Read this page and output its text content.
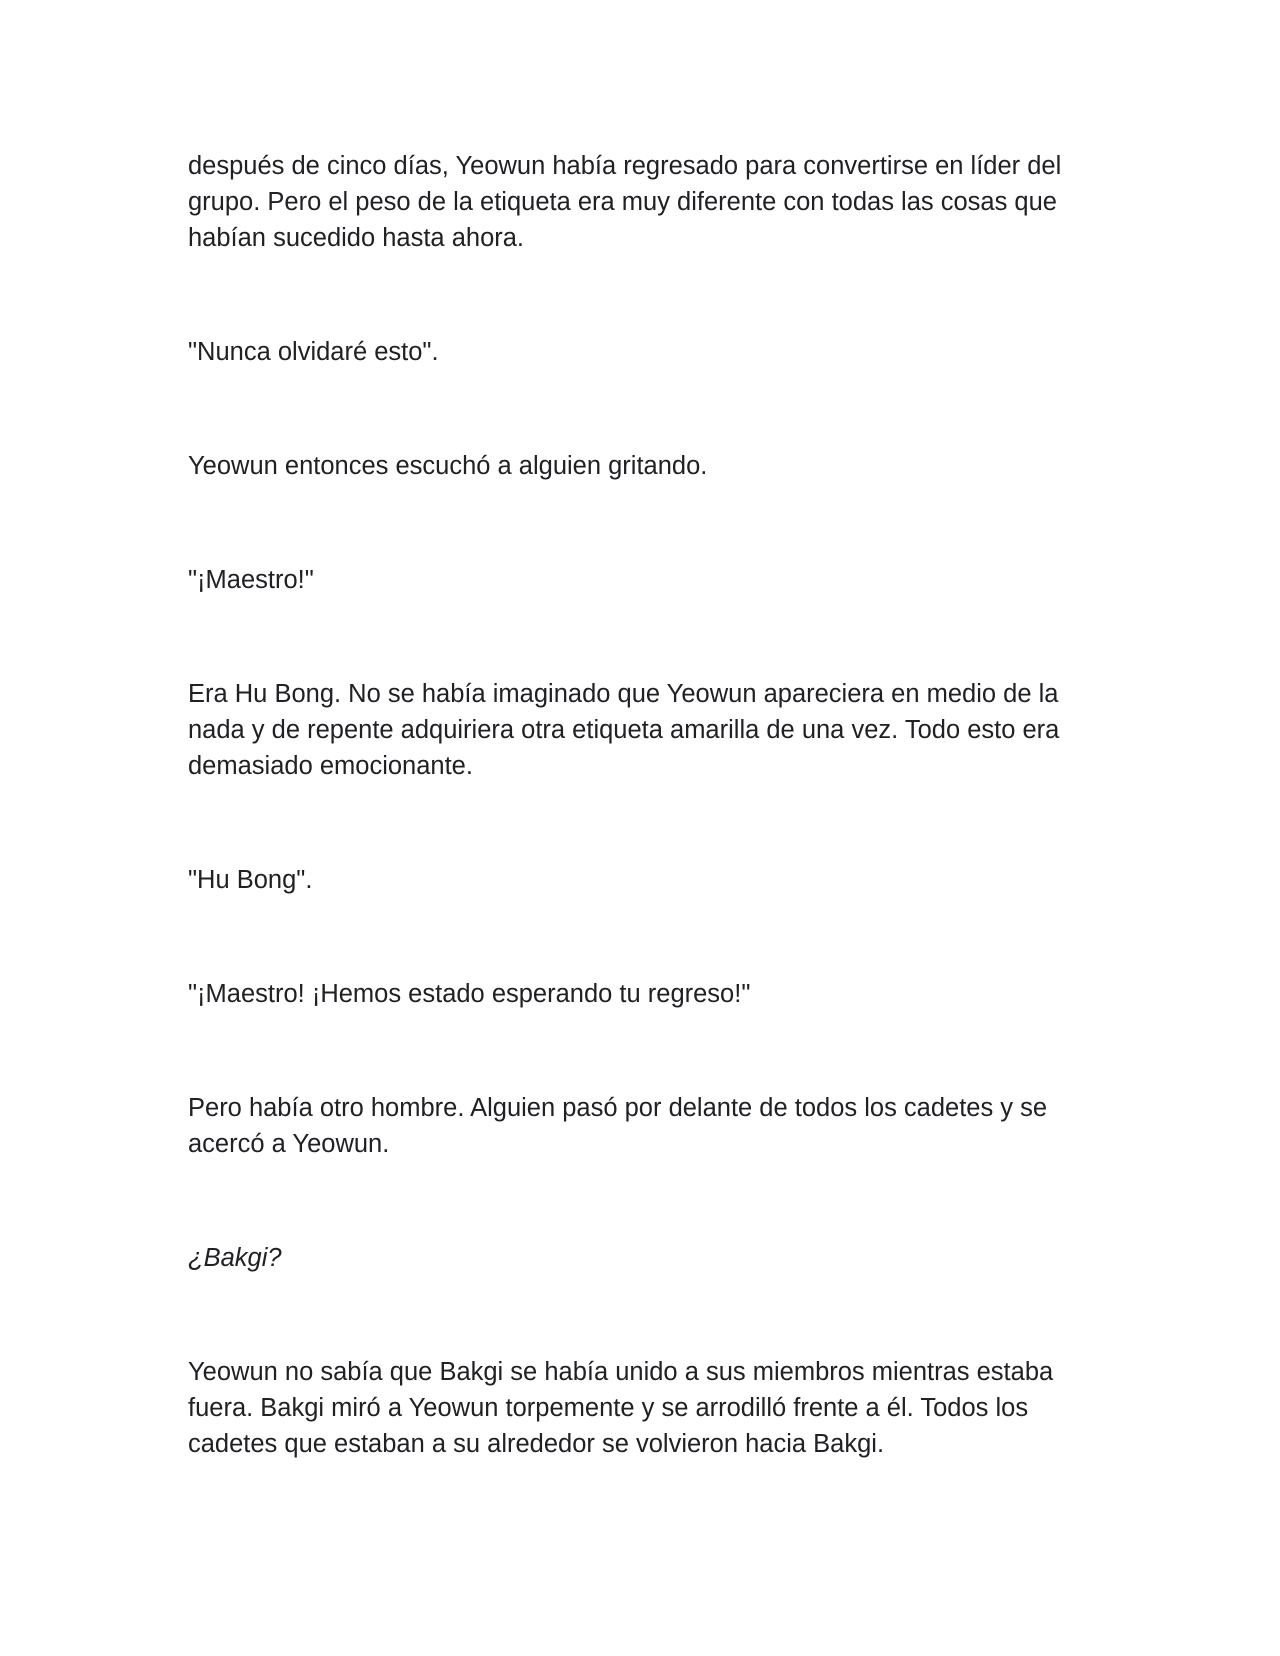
después de cinco días, Yeowun había regresado para convertirse en líder del grupo. Pero el peso de la etiqueta era muy diferente con todas las cosas que habían sucedido hasta ahora.

"Nunca olvidaré esto".

Yeowun entonces escuchó a alguien gritando.

"¡Maestro!"

Era Hu Bong. No se había imaginado que Yeowun apareciera en medio de la nada y de repente adquiriera otra etiqueta amarilla de una vez. Todo esto era demasiado emocionante.

"Hu Bong".

"¡Maestro! ¡Hemos estado esperando tu regreso!"

Pero había otro hombre. Alguien pasó por delante de todos los cadetes y se acercó a Yeowun.

¿Bakgi?

Yeowun no sabía que Bakgi se había unido a sus miembros mientras estaba fuera. Bakgi miró a Yeowun torpemente y se arrodilló frente a él. Todos los cadetes que estaban a su alrededor se volvieron hacia Bakgi.
